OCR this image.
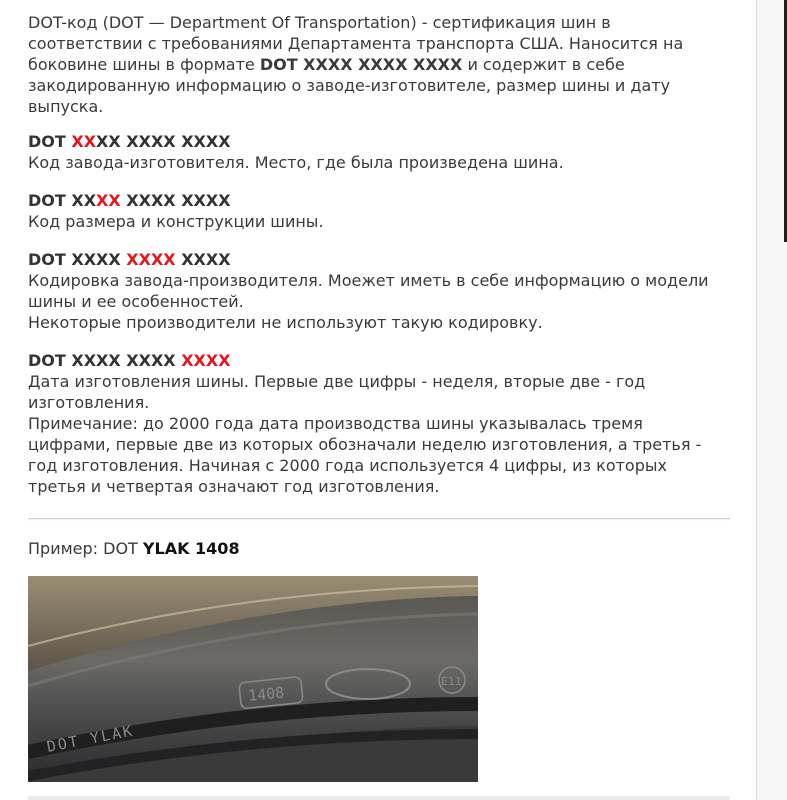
DOT-код (DOT — Department Of Transportation) - сертификация шин в соответствии с требованиями Департамента транспорта США. Наносится на боковине шины в формате DOT XXXX XXXX XXXX и содержит в себе закодированную информацию о заводе-изготовителе, размер шины и дату выпуска.

DOT XXXX XXXX XXXX
Код завода-изготовителя. Место, где была произведена шина.
DOT XXXX XXXX XXXX
Код размера и конструкции шины.
DOT XXXX XXXX XXXX
Кодировка завода-производителя. Моежет иметь в себе информацию о модели шины и ее особенностей.
Некоторые производители не используют такую кодировку.
DOT XXXX XXXX XXXX
Дата изготовления шины. Первые две цифры - неделя, вторые две - год изготовления.
Примечание: до 2000 года дата производства шины указывалась тремя цифрами, первые две из которых обозначали неделю изготовления, а третья - год изготовления. Начиная с 2000 года используется 4 цифры, из которых третья и четвертая означают год изготовления.
Пример: DOT YLAK 1408
DOT YLAK
1408
E11
